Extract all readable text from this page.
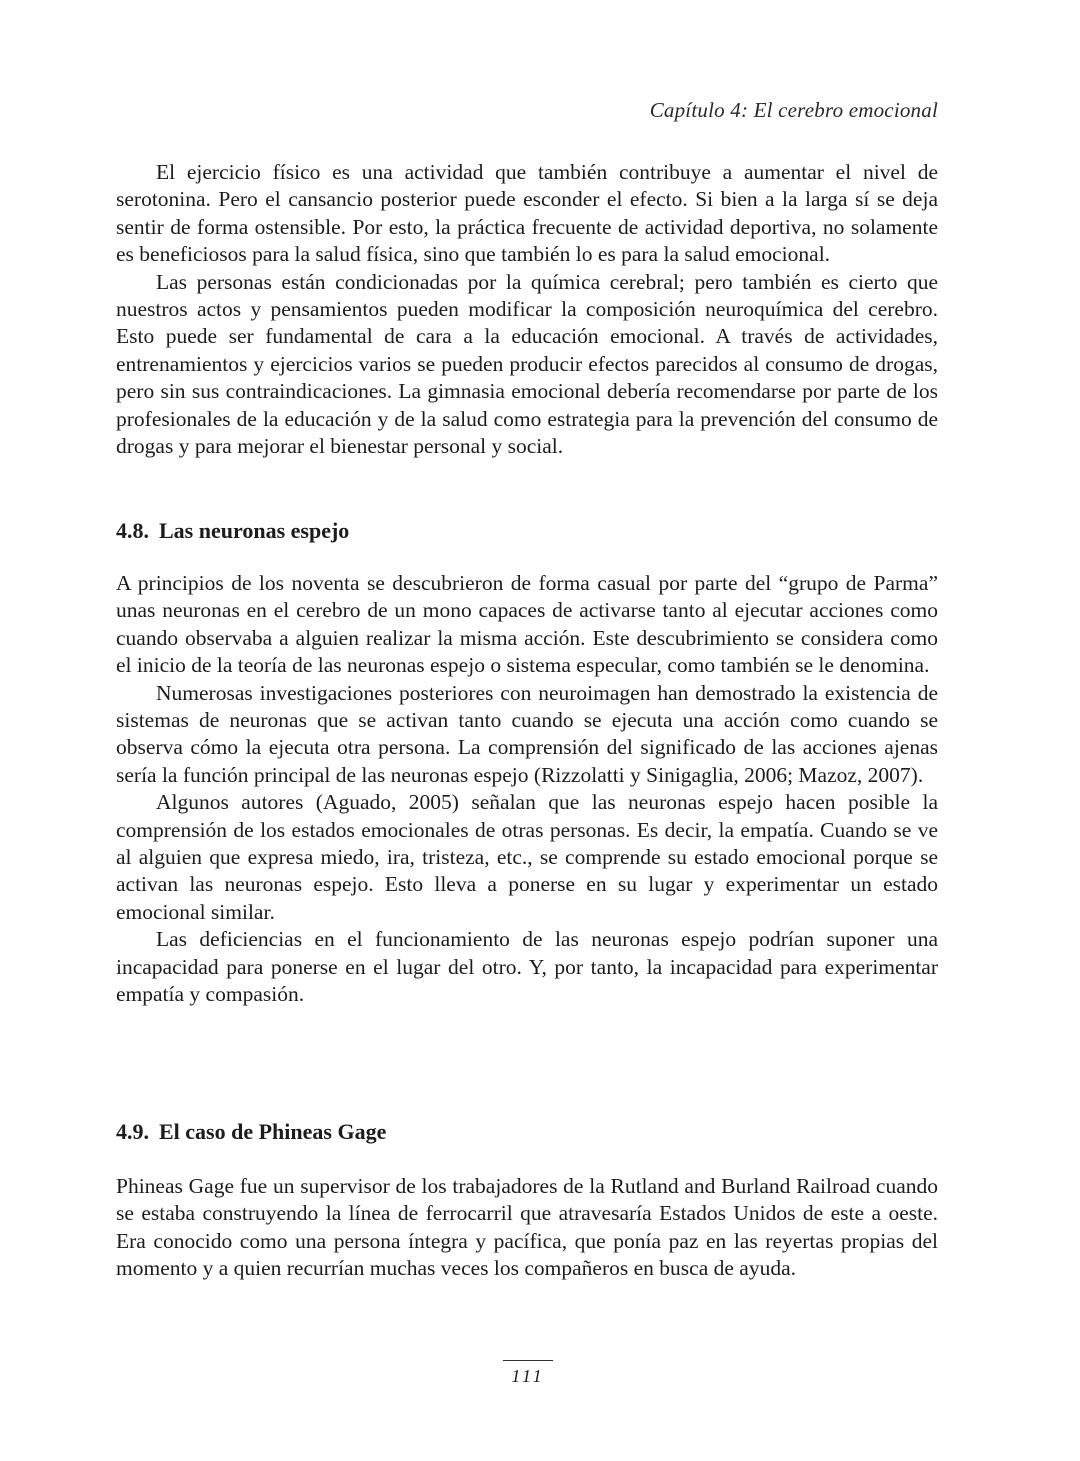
Capítulo 4: El cerebro emocional

El ejercicio físico es una actividad que también contribuye a aumentar el nivel de serotonina. Pero el cansancio posterior puede esconder el efecto. Si bien a la larga sí se deja sentir de forma ostensible. Por esto, la práctica frecuente de actividad deportiva, no solamente es beneficiosos para la salud física, sino que también lo es para la salud emocional.

Las personas están condicionadas por la química cerebral; pero también es cierto que nuestros actos y pensamientos pueden modificar la composición neuroquímica del cerebro. Esto puede ser fundamental de cara a la educación emocional. A través de actividades, entrenamientos y ejercicios varios se pueden producir efectos parecidos al consumo de drogas, pero sin sus contraindicaciones. La gimnasia emocional debería recomendarse por parte de los profesionales de la educación y de la salud como estrategia para la prevención del consumo de drogas y para mejorar el bienestar personal y social.

4.8. Las neuronas espejo

A principios de los noventa se descubrieron de forma casual por parte del “grupo de Parma” unas neuronas en el cerebro de un mono capaces de activarse tanto al ejecutar acciones como cuando observaba a alguien realizar la misma acción. Este descubrimiento se considera como el inicio de la teoría de las neuronas espejo o sistema especular, como también se le denomina.

Numerosas investigaciones posteriores con neuroimagen han demostrado la existencia de sistemas de neuronas que se activan tanto cuando se ejecuta una acción como cuando se observa cómo la ejecuta otra persona. La comprensión del significado de las acciones ajenas sería la función principal de las neuronas espejo (Rizzolatti y Sinigaglia, 2006; Mazoz, 2007).

Algunos autores (Aguado, 2005) señalan que las neuronas espejo hacen posible la comprensión de los estados emocionales de otras personas. Es decir, la empatía. Cuando se ve al alguien que expresa miedo, ira, tristeza, etc., se comprende su estado emocional porque se activan las neuronas espejo. Esto lleva a ponerse en su lugar y experimentar un estado emocional similar.

Las deficiencias en el funcionamiento de las neuronas espejo podrían suponer una incapacidad para ponerse en el lugar del otro. Y, por tanto, la incapacidad para experimentar empatía y compasión.

4.9. El caso de Phineas Gage

Phineas Gage fue un supervisor de los trabajadores de la Rutland and Burland Railroad cuando se estaba construyendo la línea de ferrocarril que atravesaría Estados Unidos de este a oeste. Era conocido como una persona íntegra y pacífica, que ponía paz en las reyertas propias del momento y a quien recurrían muchas veces los compañeros en busca de ayuda.

111
